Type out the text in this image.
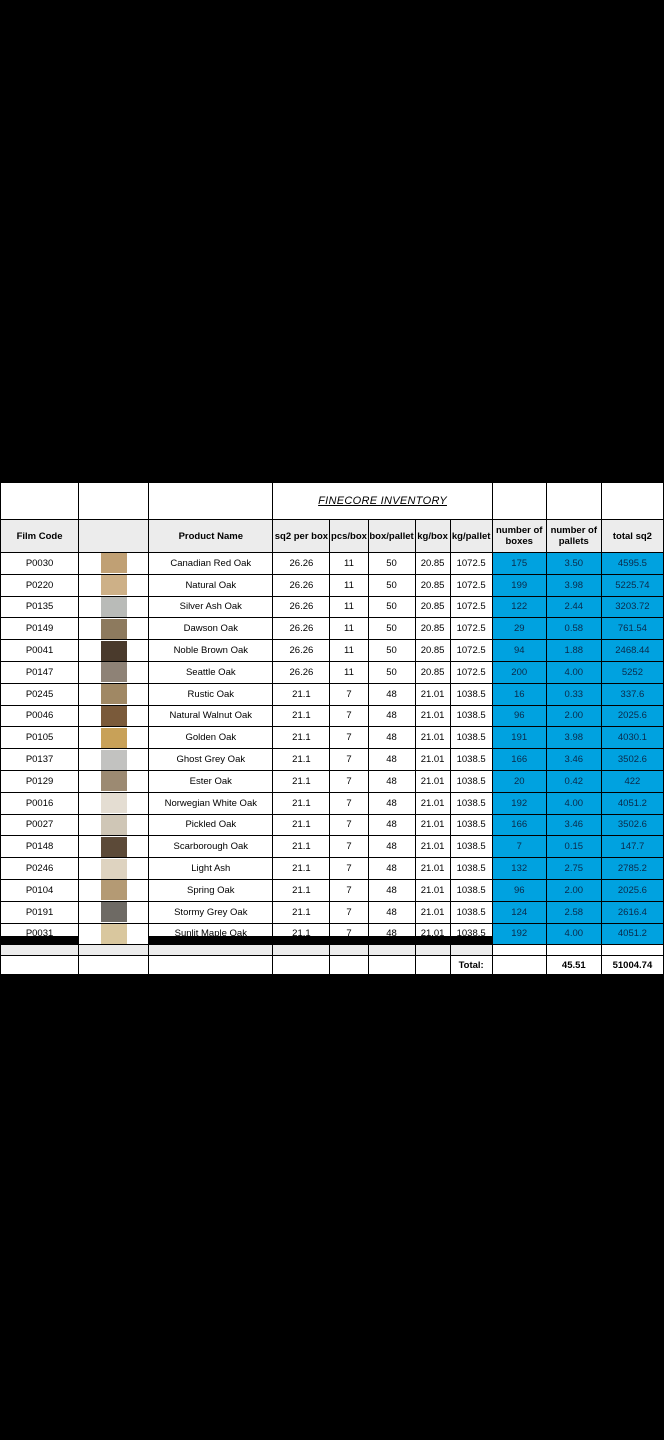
			FINECORE INVENTORY							
Film Code		Product Name	sq2 per box	pcs/box	box/pallet	kg/box	kg/pallet	number of boxes	number of pallets	total sq2
P0030		Canadian Red Oak	26.26	11	50	20.85	1072.5	175	3.50	4595.5
P0220		Natural Oak	26.26	11	50	20.85	1072.5	199	3.98	5225.74
P0135		Silver Ash Oak	26.26	11	50	20.85	1072.5	122	2.44	3203.72
P0149		Dawson Oak	26.26	11	50	20.85	1072.5	29	0.58	761.54
P0041		Noble Brown Oak	26.26	11	50	20.85	1072.5	94	1.88	2468.44
P0147		Seattle Oak	26.26	11	50	20.85	1072.5	200	4.00	5252
P0245		Rustic Oak	21.1	7	48	21.01	1038.5	16	0.33	337.6
P0046		Natural Walnut Oak	21.1	7	48	21.01	1038.5	96	2.00	2025.6
P0105		Golden Oak	21.1	7	48	21.01	1038.5	191	3.98	4030.1
P0137		Ghost Grey Oak	21.1	7	48	21.01	1038.5	166	3.46	3502.6
P0129		Ester Oak	21.1	7	48	21.01	1038.5	20	0.42	422
P0016		Norwegian White Oak	21.1	7	48	21.01	1038.5	192	4.00	4051.2
P0027		Pickled Oak	21.1	7	48	21.01	1038.5	166	3.46	3502.6
P0148		Scarborough Oak	21.1	7	48	21.01	1038.5	7	0.15	147.7
P0246		Light Ash	21.1	7	48	21.01	1038.5	132	2.75	2785.2
P0104		Spring Oak	21.1	7	48	21.01	1038.5	96	2.00	2025.6
P0191		Stormy Grey Oak	21.1	7	48	21.01	1038.5	124	2.58	2616.4
P0031		Sunlit Maple Oak	21.1	7	48	21.01	1038.5	192	4.00	4051.2

							Total:		45.51	51004.74
